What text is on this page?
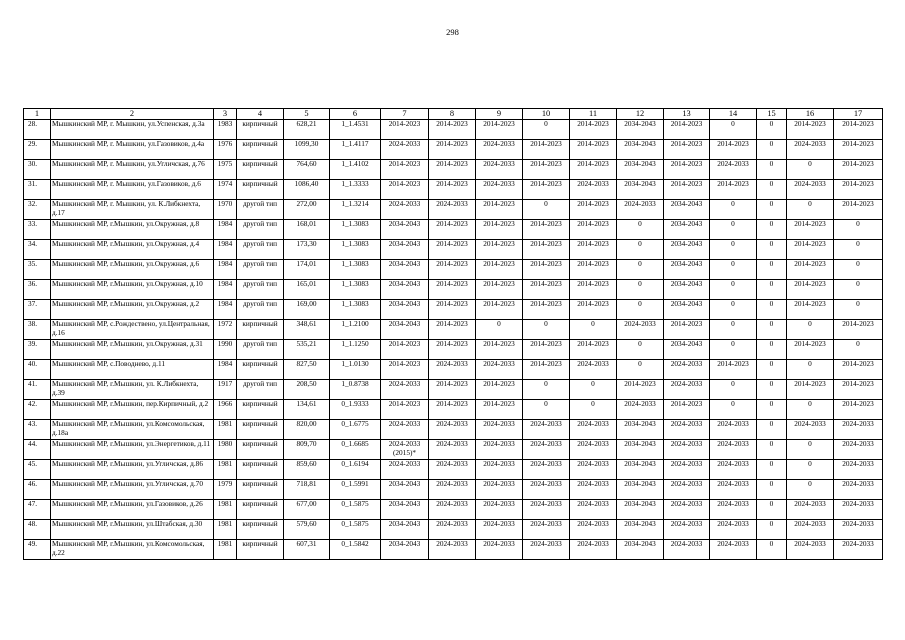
298
1	2	3	4	5	6	7	8	9	10	11	12	13	14	15	16	17
28.	Мышкинский МР, г. Мышкин, ул.Успенская, д.3а	1983	кирпичный	628,21	1_1.4531	2014-2023	2014-2023	2014-2023	0	2014-2023	2034-2043	2014-2023	0	0	2014-2023	2014-2023
29.	Мышкинский МР, г. Мышкин, ул.Газовиков, д.4а	1976	кирпичный	1099,30	1_1.4117	2024-2033	2014-2023	2024-2033	2014-2023	2014-2023	2034-2043	2014-2023	2014-2023	0	2024-2033	2014-2023
30.	Мышкинский МР, г. Мышкин, ул.Угличская, д.76	1975	кирпичный	764,60	1_1.4102	2014-2023	2014-2023	2024-2033	2014-2023	2014-2023	2034-2043	2014-2023	2024-2033	0	0	2014-2023
31.	Мышкинский МР, г. Мышкин, ул.Газовиков, д.6	1974	кирпичный	1086,40	1_1.3333	2014-2023	2014-2023	2024-2033	2014-2023	2024-2033	2034-2043	2014-2023	2014-2023	0	2024-2033	2014-2023
32.	Мышкинский МР, г. Мышкин, ул. К.Либкнехта, д.17	1970	другой тип	272,00	1_1.3214	2024-2033	2024-2033	2014-2023	0	2014-2023	2024-2033	2034-2043	0	0	0	2014-2023
33.	Мышкинский МР, г.Мышкин, ул.Окружная, д.8	1984	другой тип	168,01	1_1.3083	2034-2043	2014-2023	2014-2023	2014-2023	2014-2023	0	2034-2043	0	0	2014-2023	0
34.	Мышкинский МР, г.Мышкин, ул.Окружная, д.4	1984	другой тип	173,30	1_1.3083	2034-2043	2014-2023	2014-2023	2014-2023	2014-2023	0	2034-2043	0	0	2014-2023	0
35.	Мышкинский МР, г.Мышкин, ул.Окружная, д.6	1984	другой тип	174,01	1_1.3083	2034-2043	2014-2023	2014-2023	2014-2023	2014-2023	0	2034-2043	0	0	2014-2023	0
36.	Мышкинский МР, г.Мышкин, ул.Окружная, д.10	1984	другой тип	165,01	1_1.3083	2034-2043	2014-2023	2014-2023	2014-2023	2014-2023	0	2034-2043	0	0	2014-2023	0
37.	Мышкинский МР, г.Мышкин, ул.Окружная, д.2	1984	другой тип	169,00	1_1.3083	2034-2043	2014-2023	2014-2023	2014-2023	2014-2023	0	2034-2043	0	0	2014-2023	0
38.	Мышкинский МР, с.Рождествено, ул.Центральная, д.16	1972	кирпичный	348,61	1_1.2100	2034-2043	2014-2023	0	0	0	2024-2033	2014-2023	0	0	0	2014-2023
39.	Мышкинский МР, г.Мышкин, ул.Окружная, д.31	1990	другой тип	535,21	1_1.1250	2014-2023	2014-2023	2014-2023	2014-2023	2014-2023	0	2034-2043	0	0	2014-2023	0
40.	Мышкинский МР, с.Поводнево, д.11	1984	кирпичный	827,50	1_1.0130	2014-2023	2024-2033	2024-2033	2014-2023	2024-2033	0	2024-2033	2014-2023	0	0	2014-2023
41.	Мышкинский МР, г.Мышкин, ул. К.Либкнехта, д.39	1917	другой тип	208,50	1_0.8738	2024-2033	2014-2023	2014-2023	0	0	2014-2023	2024-2033	0	0	2014-2023	2014-2023
42.	Мышкинский МР, г.Мышкин, пер.Кирпичный, д.2	1966	кирпичный	134,61	0_1.9333	2014-2023	2014-2023	2014-2023	0	0	2024-2033	2014-2023	0	0	0	2014-2023
43.	Мышкинский МР, г.Мышкин, ул.Комсомольская, д.18а	1981	кирпичный	820,00	0_1.6775	2024-2033	2024-2033	2024-2033	2024-2033	2024-2033	2034-2043	2024-2033	2024-2033	0	2024-2033	2024-2033
44.	Мышкинский МР, г.Мышкин, ул.Энергетиков, д.11	1980	кирпичный	809,70	0_1.6685	2024-2033 (2015)*	2024-2033	2024-2033	2024-2033	2024-2033	2034-2043	2024-2033	2024-2033	0	0	2024-2033
45.	Мышкинский МР, г.Мышкин, ул.Угличская, д.86	1981	кирпичный	859,60	0_1.6194	2024-2033	2024-2033	2024-2033	2024-2033	2024-2033	2034-2043	2024-2033	2024-2033	0	0	2024-2033
46.	Мышкинский МР, г.Мышкин, ул.Угличская, д.70	1979	кирпичный	718,81	0_1.5991	2034-2043	2024-2033	2024-2033	2024-2033	2024-2033	2034-2043	2024-2033	2024-2033	0	0	2024-2033
47.	Мышкинский МР, г.Мышкин, ул.Газовиков, д.26	1981	кирпичный	677,00	0_1.5875	2034-2043	2024-2033	2024-2033	2024-2033	2024-2033	2034-2043	2024-2033	2024-2033	0	2024-2033	2024-2033
48.	Мышкинский МР, г.Мышкин, ул.Штабская, д.30	1981	кирпичный	579,60	0_1.5875	2034-2043	2024-2033	2024-2033	2024-2033	2024-2033	2034-2043	2024-2033	2024-2033	0	2024-2033	2024-2033
49.	Мышкинский МР, г.Мышкин, ул.Комсомольская, д.22	1981	кирпичный	607,31	0_1.5842	2034-2043	2024-2033	2024-2033	2024-2033	2024-2033	2034-2043	2024-2033	2024-2033	0	2024-2033	2024-2033
